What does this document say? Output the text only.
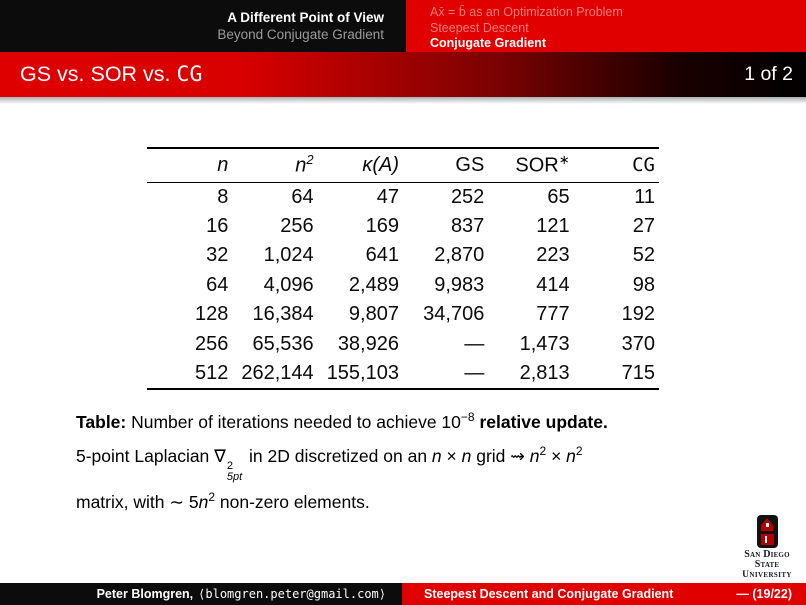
A Different Point of View
Beyond Conjugate Gradient
Ax̄ = b̄ as an Optimization Problem
Steepest Descent
Conjugate Gradient
GS vs. SOR vs. CG	1 of 2
n	$n^2$	κ(A)	GS	SOR∗	CG
8	64	47	252	65	11
16	256	169	837	121	27
32	1,024	641	2,870	223	52
64	4,096	2,489	9,983	414	98
128	16,384	9,807	34,706	777	192
256	65,536	38,926	—	1,473	370
512	262,144	155,103	—	2,813	715
Table: Number of iterations needed to achieve $10^{-8}$ relative update.
5-point Laplacian ∇ 2
5pt
in 2D discretized on an n × n grid ⇝ $n^2 \times n^2$
matrix, with ∼ $5n^2$ non-zero elements.
San Diego State
University
Peter Blomgren, ⟨blomgren.peter@gmail.com⟩	Steepest Descent and Conjugate Gradient	— (19/22)
